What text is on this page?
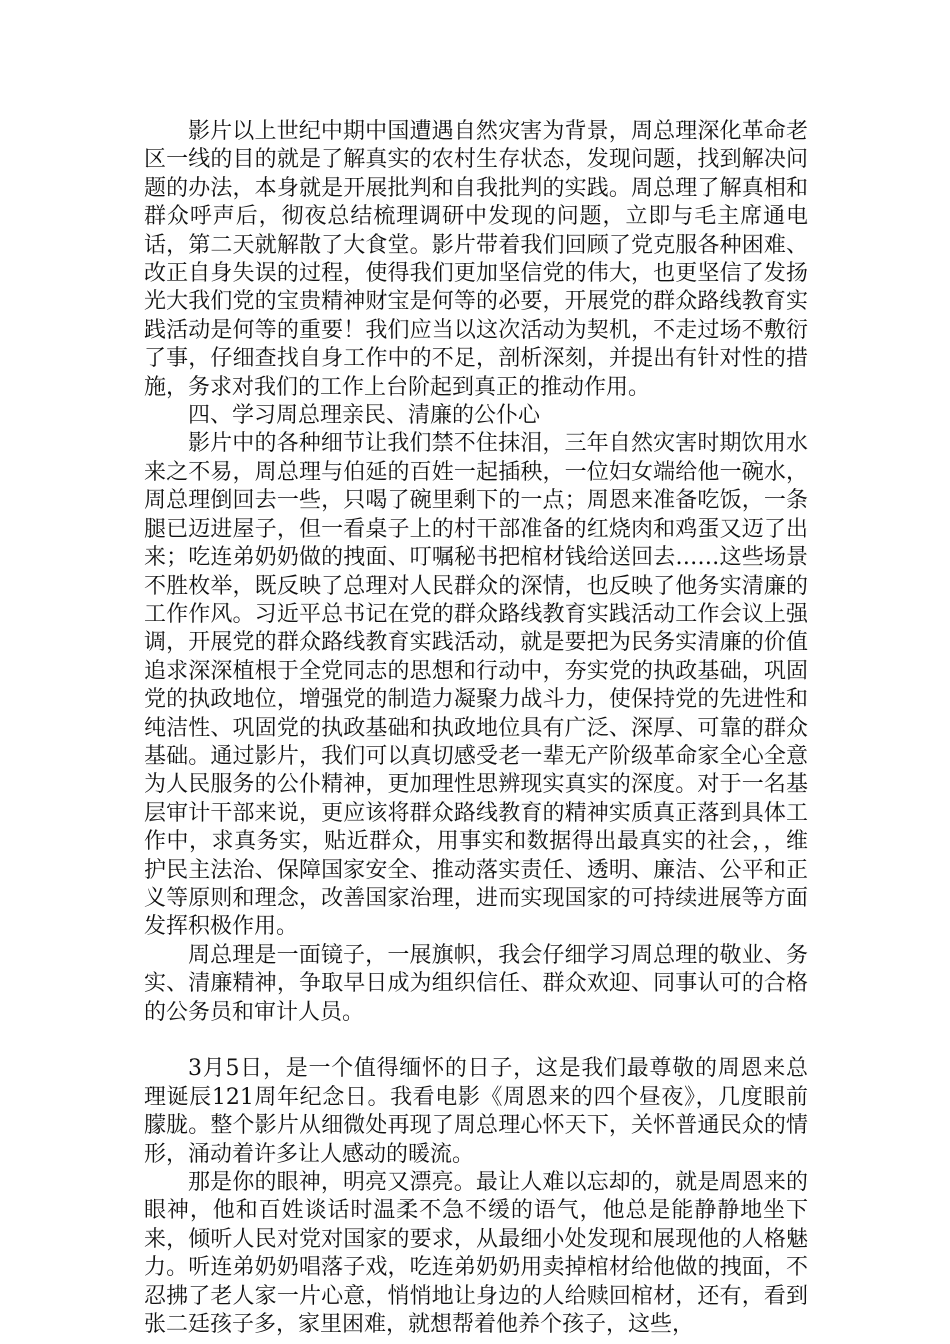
影片以上世纪中期中国遭遇自然灾害为背景，周总理深化革命老区一线的目的就是了解真实的农村生存状态，发现问题，找到解决问题的办法，本身就是开展批判和自我批判的实践。周总理了解真相和群众呼声后，彻夜总结梳理调研中发现的问题，立即与毛主席通电话，第二天就解散了大食堂。影片带着我们回顾了党克服各种困难、改正自身失误的过程，使得我们更加坚信党的伟大，也更坚信了发扬光大我们党的宝贵精神财宝是何等的必要，开展党的群众路线教育实践活动是何等的重要！我们应当以这次活动为契机，不走过场不敷衍了事，仔细查找自身工作中的不足，剖析深刻，并提出有针对性的措施，务求对我们的工作上台阶起到真正的推动作用。

四、学习周总理亲民、清廉的公仆心

影片中的各种细节让我们禁不住抹泪，三年自然灾害时期饮用水来之不易，周总理与伯延的百姓一起插秧，一位妇女端给他一碗水，周总理倒回去一些，只喝了碗里剩下的一点；周恩来准备吃饭，一条腿已迈进屋子，但一看桌子上的村干部准备的红烧肉和鸡蛋又迈了出来；吃连弟奶奶做的拽面、叮嘱秘书把棺材钱给送回去……这些场景不胜枚举，既反映了总理对人民群众的深情，也反映了他务实清廉的工作作风。习近平总书记在党的群众路线教育实践活动工作会议上强调，开展党的群众路线教育实践活动，就是要把为民务实清廉的价值追求深深植根于全党同志的思想和行动中，夯实党的执政基础，巩固党的执政地位，增强党的制造力凝聚力战斗力，使保持党的先进性和纯洁性、巩固党的执政基础和执政地位具有广泛、深厚、可靠的群众基础。通过影片，我们可以真切感受老一辈无产阶级革命家全心全意为人民服务的公仆精神，更加理性思辨现实真实的深度。对于一名基层审计干部来说，更应该将群众路线教育的精神实质真正落到具体工作中，求真务实，贴近群众，用事实和数据得出最真实的社会，，维护民主法治、保障国家安全、推动落实责任、透明、廉洁、公平和正义等原则和理念，改善国家治理，进而实现国家的可持续进展等方面发挥积极作用。

周总理是一面镜子，一展旗帜，我会仔细学习周总理的敬业、务实、清廉精神，争取早日成为组织信任、群众欢迎、同事认可的合格的公务员和审计人员。

3月5日，是一个值得缅怀的日子，这是我们最尊敬的周恩来总理诞辰121周年纪念日。我看电影《周恩来的四个昼夜》，几度眼前朦胧。整个影片从细微处再现了周总理心怀天下，关怀普通民众的情形，涌动着许多让人感动的暖流。

那是你的眼神，明亮又漂亮。最让人难以忘却的，就是周恩来的眼神，他和百姓谈话时温柔不急不缓的语气，他总是能静静地坐下来，倾听人民对党对国家的要求，从最细小处发现和展现他的人格魅力。听连弟奶奶唱落子戏，吃连弟奶奶用卖掉棺材给他做的拽面，不忍拂了老人家一片心意，悄悄地让身边的人给赎回棺材，还有，看到张二廷孩子多，家里困难，就想帮着他养个孩子，这些，
